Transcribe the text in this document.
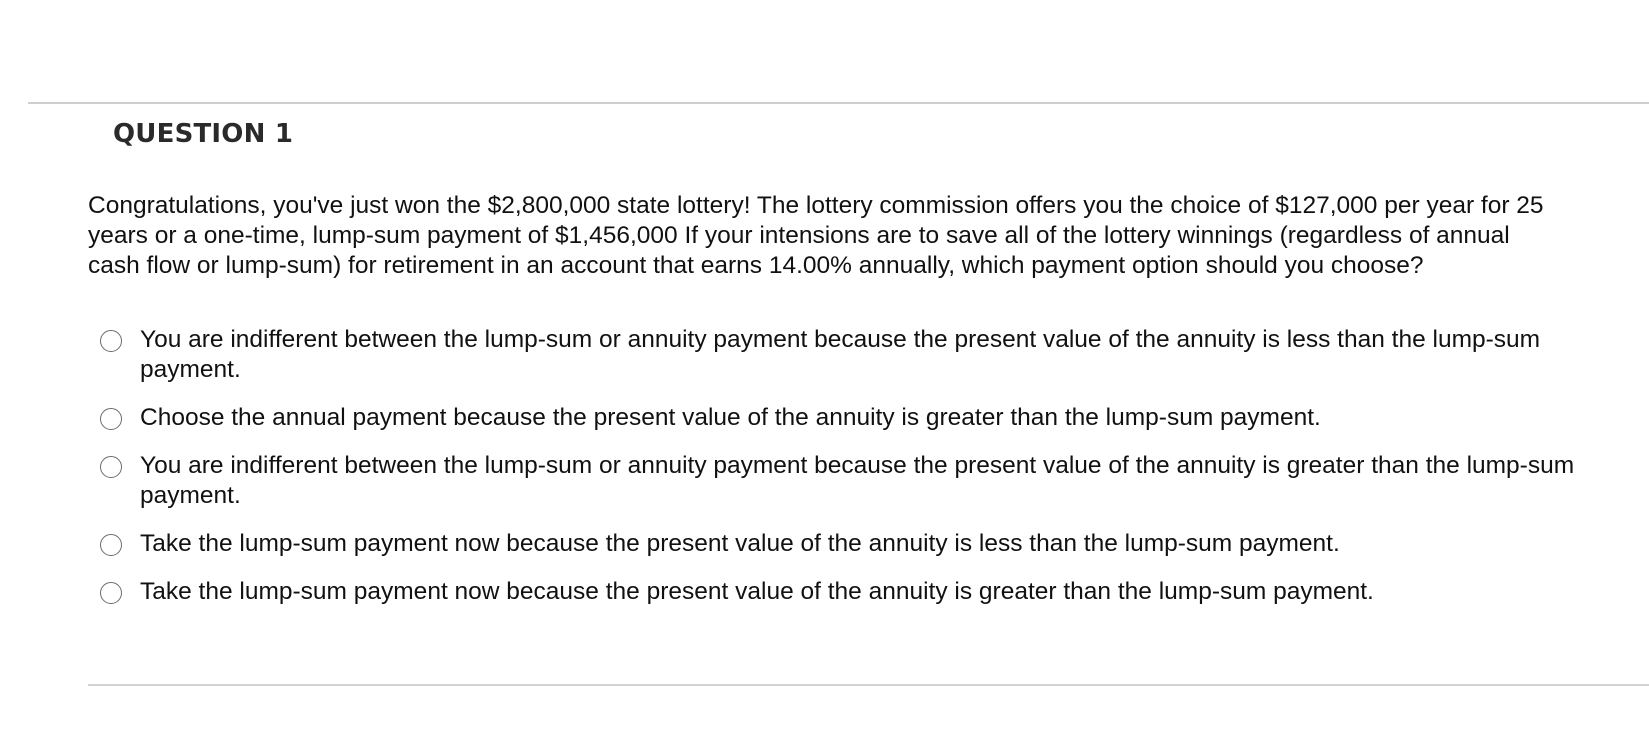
QUESTION 1

Congratulations, you've just won the $2,800,000 state lottery! The lottery commission offers you the choice of $127,000 per year for 25 years or a one-time, lump-sum payment of $1,456,000 If your intensions are to save all of the lottery winnings (regardless of annual cash flow or lump-sum) for retirement in an account that earns 14.00% annually, which payment option should you choose?

You are indifferent between the lump-sum or annuity payment because the present value of the annuity is less than the lump-sum payment.
Choose the annual payment because the present value of the annuity is greater than the lump-sum payment.
You are indifferent between the lump-sum or annuity payment because the present value of the annuity is greater than the lump-sum payment.
Take the lump-sum payment now because the present value of the annuity is less than the lump-sum payment.
Take the lump-sum payment now because the present value of the annuity is greater than the lump-sum payment.
